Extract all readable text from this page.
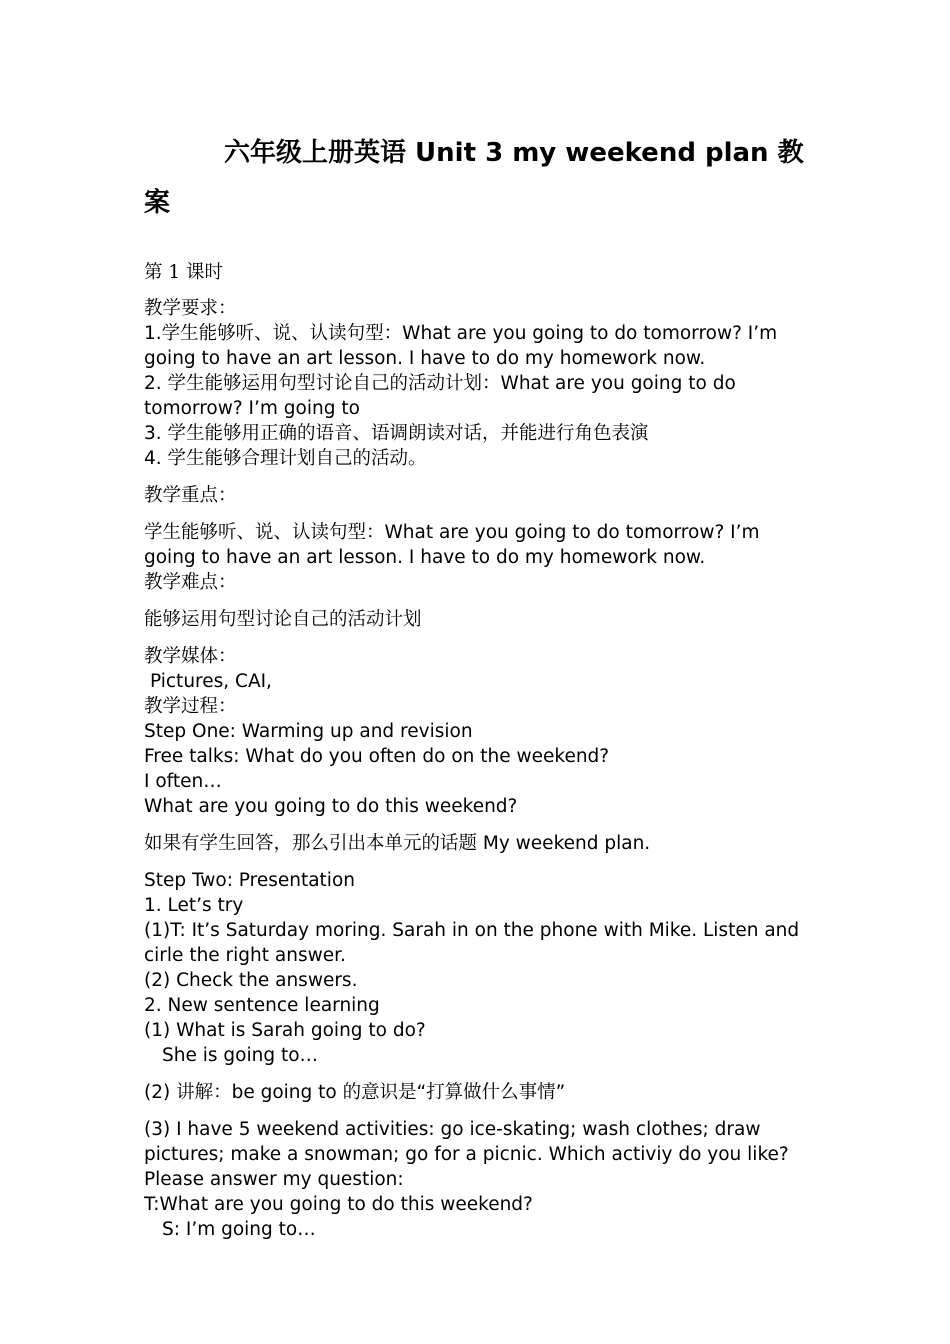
六年级上册英语 Unit 3 my weekend plan 教案

第 1 课时

教学要求：

1.学生能够听、说、认读句型：What are you going to do tomorrow? I’m going to have an art lesson. I have to do my homework now.

2. 学生能够运用句型讨论自己的活动计划：What are you going to do tomorrow? I’m going to

3. 学生能够用正确的语音、语调朗读对话，并能进行角色表演

4. 学生能够合理计划自己的活动。

教学重点：

学生能够听、说、认读句型：What are you going to do tomorrow? I’m going to have an art lesson. I have to do my homework now.

教学难点：

能够运用句型讨论自己的活动计划

教学媒体：

Pictures, CAI,

教学过程：

Step One: Warming up and revision

Free talks: What do you often do on the weekend?

I often…

What are you going to do this weekend?

如果有学生回答，那么引出本单元的话题 My weekend plan.

Step Two: Presentation

1. Let’s try

(1)T: It’s Saturday moring. Sarah in on the phone with Mike. Listen and cirle the right answer.

(2) Check the answers.

2. New sentence learning

(1) What is Sarah going to do?

She is going to…

(2) 讲解：be going to 的意识是“打算做什么事情”

(3) I have 5 weekend activities: go ice-skating; wash clothes; draw pictures; make a snowman; go for a picnic. Which activiy do you like? Please answer my question:

T:What are you going to do this weekend?

S: I’m going to…
